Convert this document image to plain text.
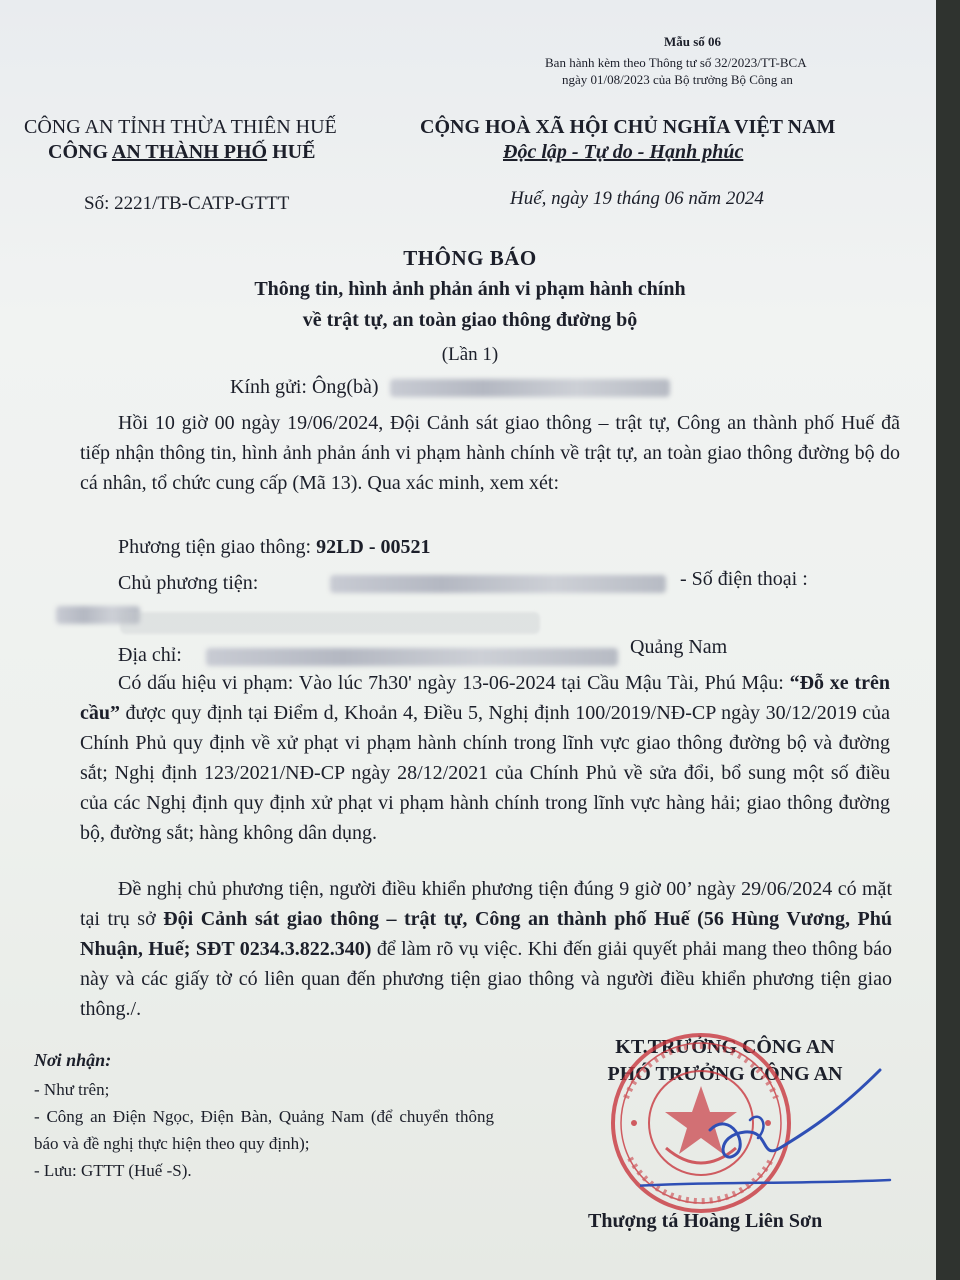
Mẫu số 06
Ban hành kèm theo Thông tư số 32/2023/TT-BCA
ngày 01/08/2023 của Bộ trưởng Bộ Công an
CÔNG AN TỈNH THỪA THIÊN HUẾ
CÔNG AN THÀNH PHỐ HUẾ
Số: 2221/TB-CATP-GTTT
CỘNG HOÀ XÃ HỘI CHỦ NGHĨA VIỆT NAM
Độc lập - Tự do - Hạnh phúc
Huế, ngày 19 tháng 06 năm 2024
THÔNG BÁO
Thông tin, hình ảnh phản ánh vi phạm hành chính
về trật tự, an toàn giao thông đường bộ
(Lần 1)
Kính gửi: Ông(bà)
Hồi 10 giờ 00 ngày 19/06/2024, Đội Cảnh sát giao thông – trật tự, Công an thành phố Huế đã tiếp nhận thông tin, hình ảnh phản ánh vi phạm hành chính về trật tự, an toàn giao thông đường bộ do cá nhân, tổ chức cung cấp (Mã 13). Qua xác minh, xem xét:
Phương tiện giao thông: 92LD - 00521
Chủ phương tiện:	- Số điện thoại :
Địa chỉ:	Quảng Nam
Có dấu hiệu vi phạm: Vào lúc 7h30' ngày 13-06-2024 tại Cầu Mậu Tài, Phú Mậu: “Đỗ xe trên cầu” được quy định tại Điểm d, Khoản 4, Điều 5, Nghị định 100/2019/NĐ-CP ngày 30/12/2019 của Chính Phủ quy định về xử phạt vi phạm hành chính trong lĩnh vực giao thông đường bộ và đường sắt; Nghị định 123/2021/NĐ-CP ngày 28/12/2021 của Chính Phủ về sửa đổi, bổ sung một số điều của các Nghị định quy định xử phạt vi phạm hành chính trong lĩnh vực hàng hải; giao thông đường bộ, đường sắt; hàng không dân dụng.
Đề nghị chủ phương tiện, người điều khiển phương tiện đúng 9 giờ 00’ ngày 29/06/2024 có mặt tại trụ sở Đội Cảnh sát giao thông – trật tự, Công an thành phố Huế (56 Hùng Vương, Phú Nhuận, Huế; SĐT 0234.3.822.340) để làm rõ vụ việc. Khi đến giải quyết phải mang theo thông báo này và các giấy tờ có liên quan đến phương tiện giao thông và người điều khiển phương tiện giao thông./.
Nơi nhận:
- Như trên;
- Công an Điện Ngọc, Điện Bàn, Quảng Nam (để chuyển thông báo và đề nghị thực hiện theo quy định);
- Lưu: GTTT (Huế -S).
KT.TRƯỞNG CÔNG AN
PHÓ TRƯỞNG CÔNG AN
Thượng tá Hoàng Liên Sơn
